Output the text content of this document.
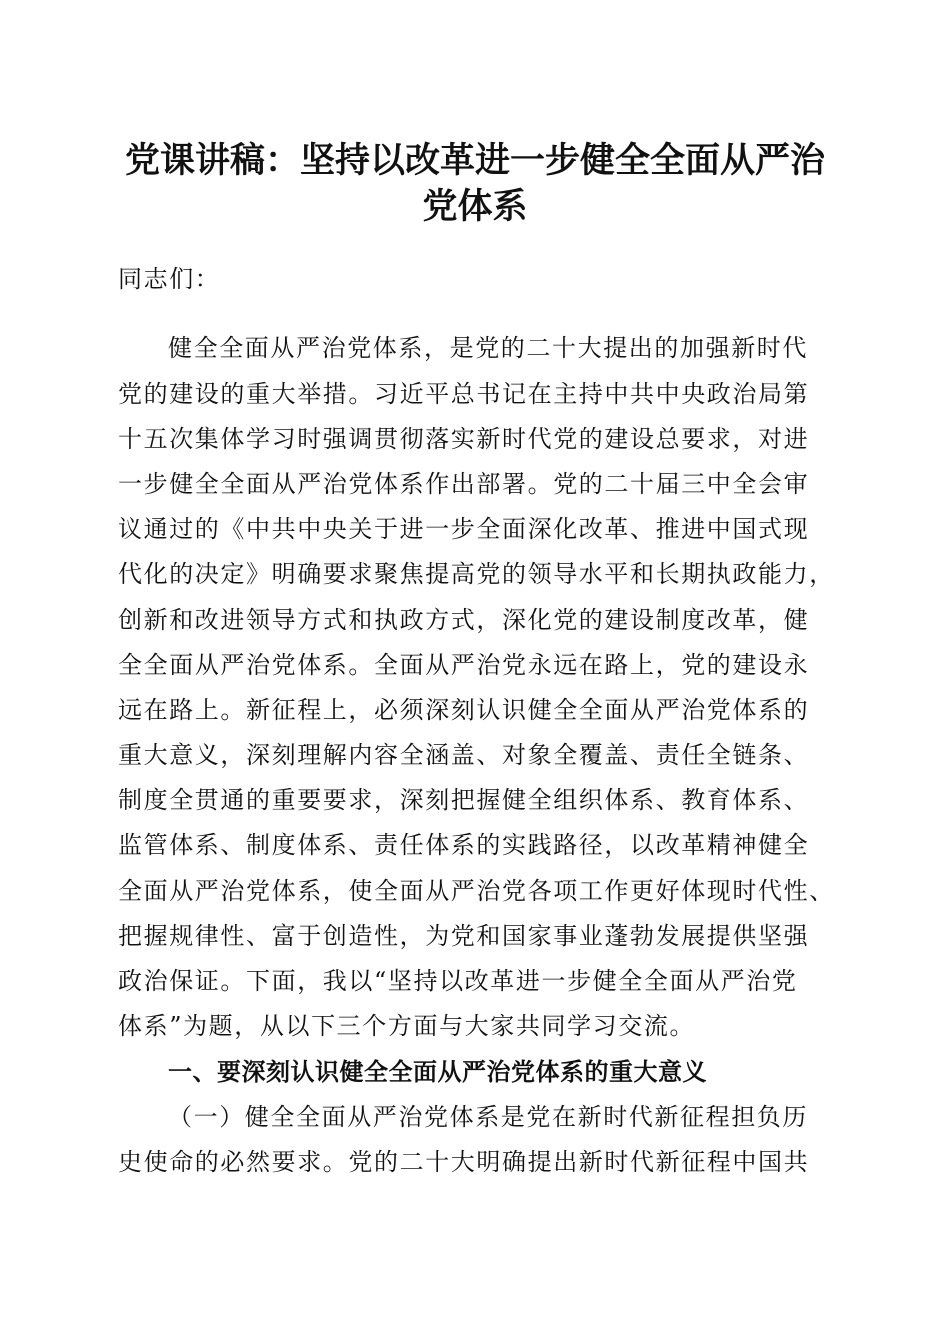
党课讲稿：坚持以改革进一步健全全面从严治
党体系

同志们：

健全全面从严治党体系，是党的二十大提出的加强新时代

党的建设的重大举措。习近平总书记在主持中共中央政治局第

十五次集体学习时强调贯彻落实新时代党的建设总要求，对进

一步健全全面从严治党体系作出部署。党的二十届三中全会审

议通过的《中共中央关于进一步全面深化改革、推进中国式现

代化的决定》明确要求聚焦提高党的领导水平和长期执政能力，

创新和改进领导方式和执政方式，深化党的建设制度改革，健

全全面从严治党体系。全面从严治党永远在路上，党的建设永

远在路上。新征程上，必须深刻认识健全全面从严治党体系的

重大意义，深刻理解内容全涵盖、对象全覆盖、责任全链条、

制度全贯通的重要要求，深刻把握健全组织体系、教育体系、

监管体系、制度体系、责任体系的实践路径，以改革精神健全

全面从严治党体系，使全面从严治党各项工作更好体现时代性、

把握规律性、富于创造性，为党和国家事业蓬勃发展提供坚强

政治保证。下面，我以“坚持以改革进一步健全全面从严治党

体系”为题，从以下三个方面与大家共同学习交流。

一、要深刻认识健全全面从严治党体系的重大意义

（一）健全全面从严治党体系是党在新时代新征程担负历

史使命的必然要求。党的二十大明确提出新时代新征程中国共
